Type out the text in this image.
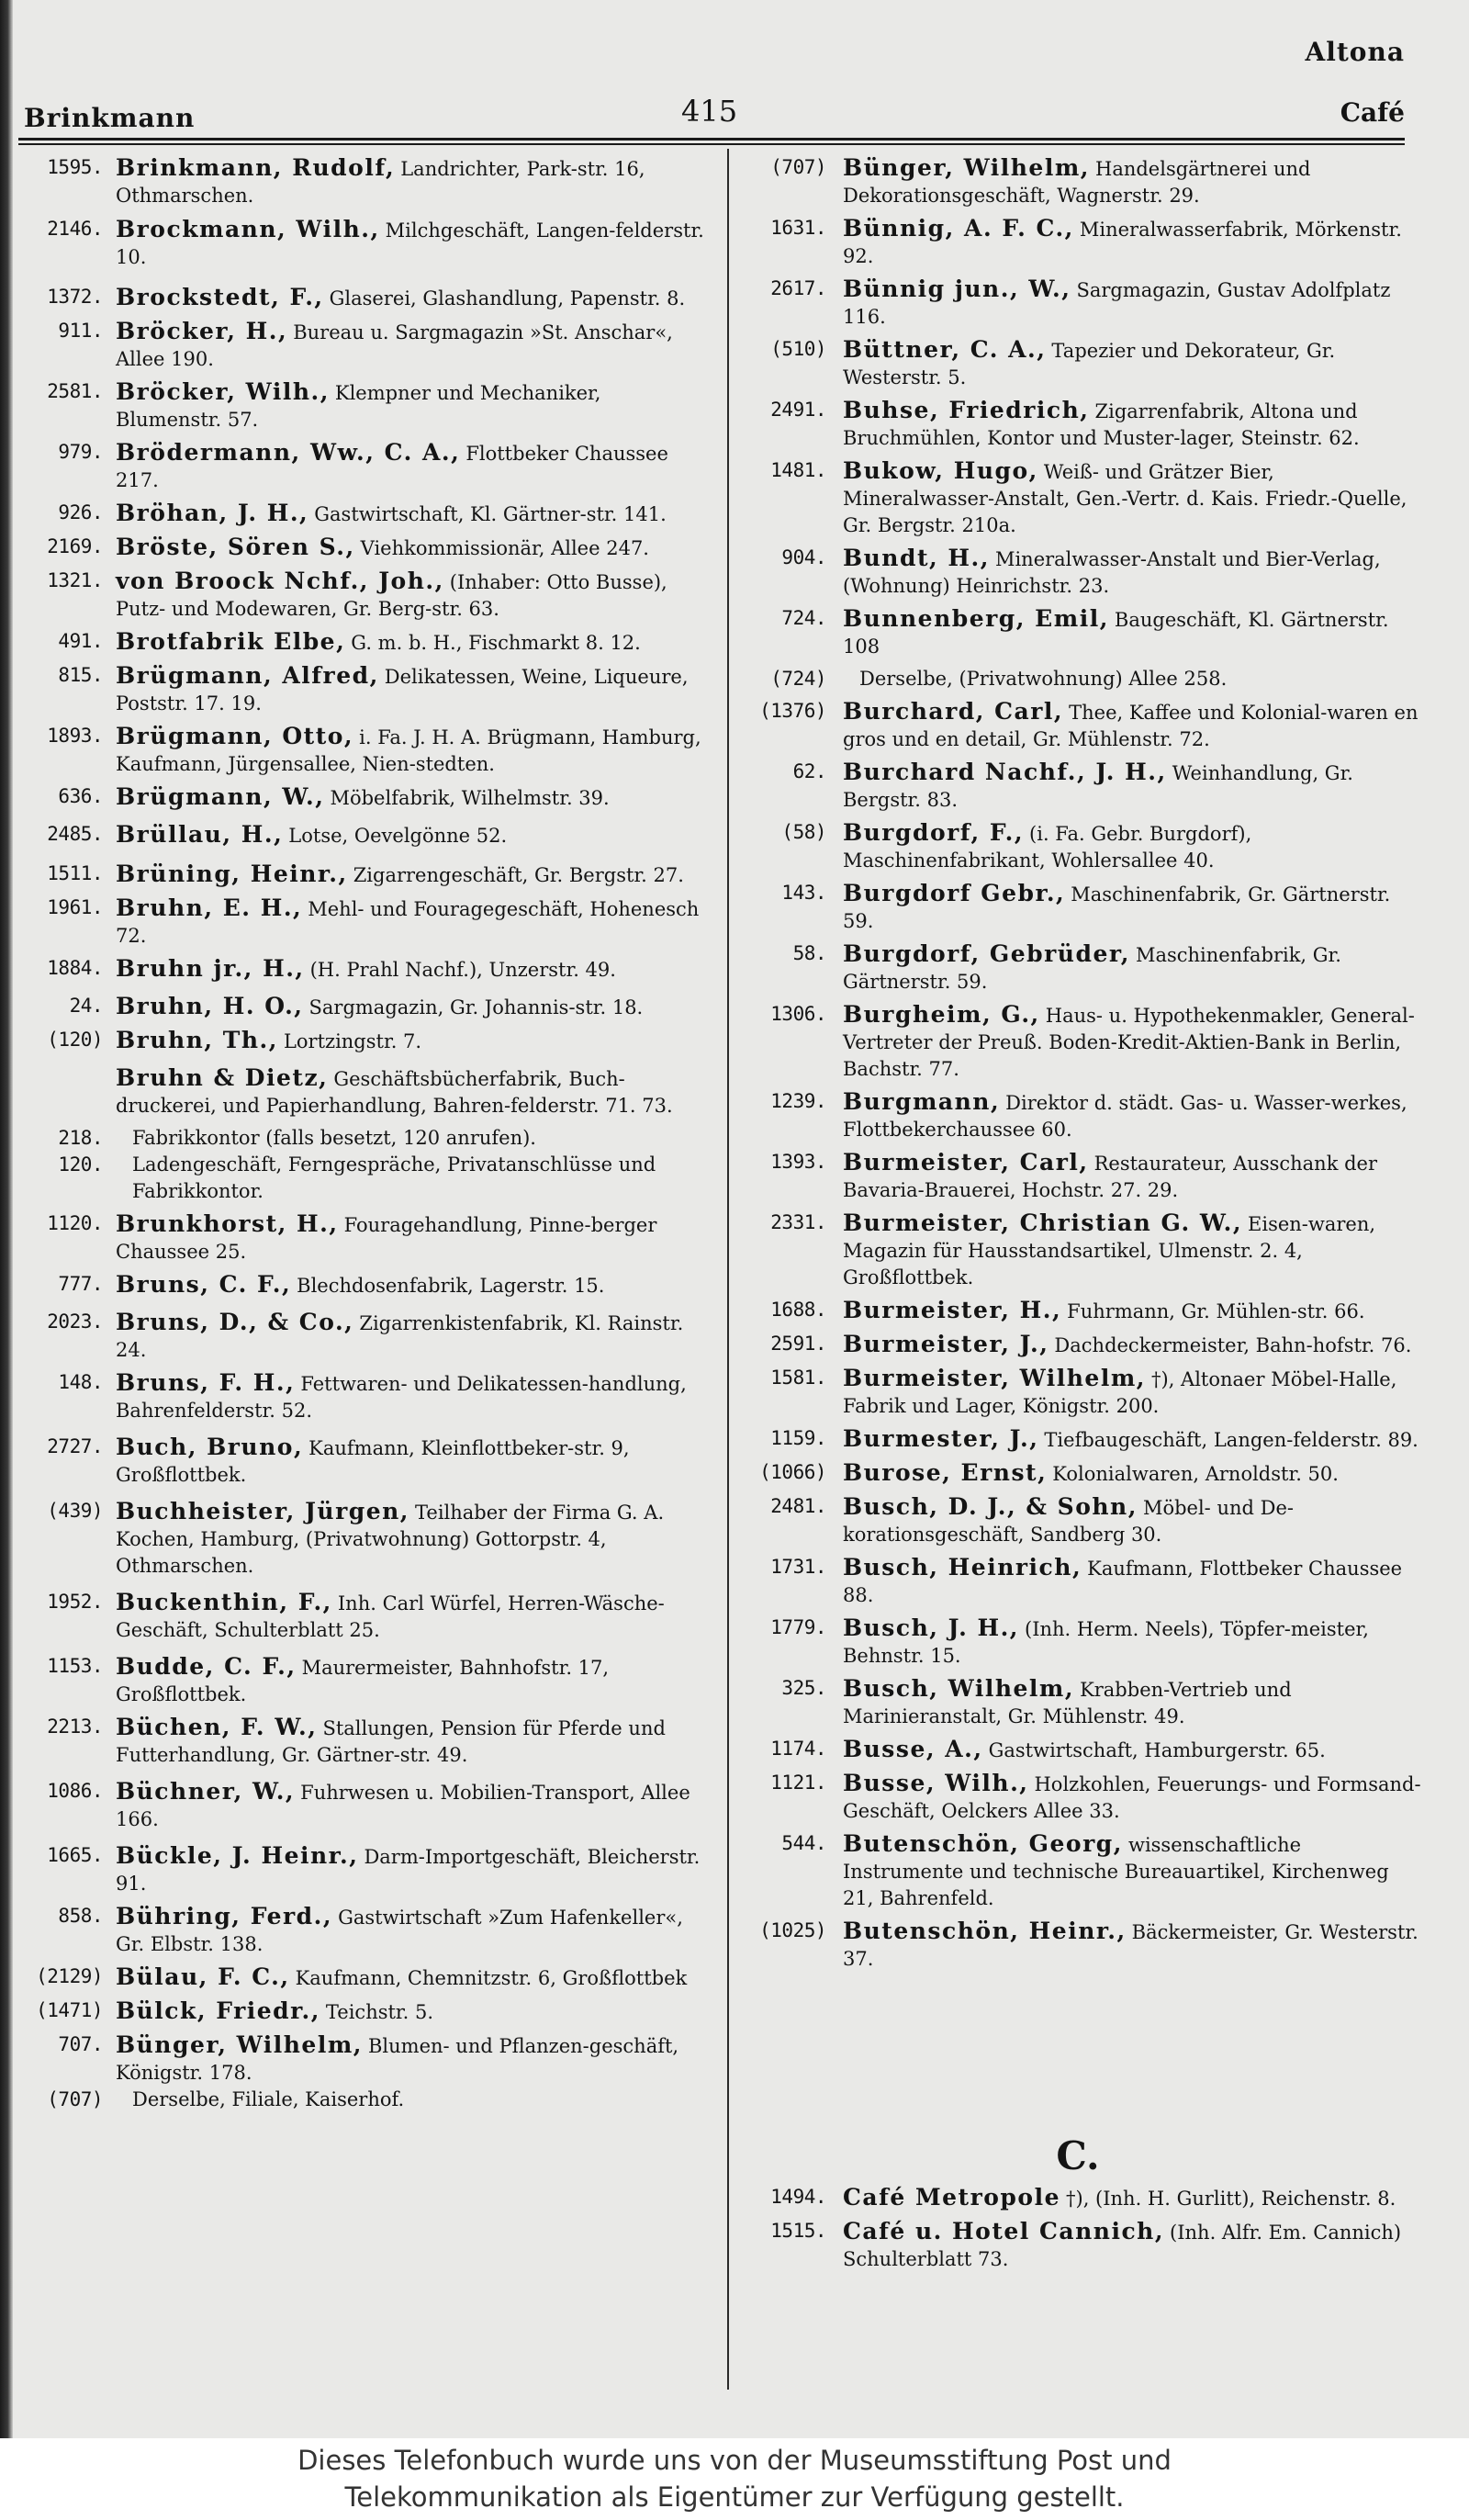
Altona
Brinkmann	415	Café
1595. Brinkmann, Rudolf, Landrichter, Park-str. 16, Othmarschen.
2146. Brockmann, Wilh., Milchgeschäft, Langen-felderstr. 10.
1372. Brockstedt, F., Glaserei, Glashandlung, Papenstr. 8.
911. Bröcker, H., Bureau u. Sargmagazin »St. Anschar«, Allee 190.
2581. Bröcker, Wilh., Klempner und Mechaniker, Blumenstr. 57.
979. Brödermann, Ww., C. A., Flottbeker Chaussee 217.
926. Bröhan, J. H., Gastwirtschaft, Kl. Gärtner-str. 141.
2169. Bröste, Sören S., Viehkommissionär, Allee 247.
1321. von Broock Nchf., Joh., (Inhaber: Otto Busse), Putz- und Modewaren, Gr. Berg-str. 63.
491. Brotfabrik Elbe, G. m. b. H., Fischmarkt 8. 12.
815. Brügmann, Alfred, Delikatessen, Weine, Liqueure, Poststr. 17. 19.
1893. Brügmann, Otto, i. Fa. J. H. A. Brügmann, Hamburg, Kaufmann, Jürgensallee, Nien-stedten.
636. Brügmann, W., Möbelfabrik, Wilhelmstr. 39.
2485. Brüllau, H., Lotse, Oevelgönne 52.
1511. Brüning, Heinr., Zigarrengeschäft, Gr. Bergstr. 27.
1961. Bruhn, E. H., Mehl- und Fouragegeschäft, Hohenesch 72.
1884. Bruhn jr., H., (H. Prahl Nachf.), Unzerstr. 49.
24. Bruhn, H. O., Sargmagazin, Gr. Johannis-str. 18.
(120) Bruhn, Th., Lortzingstr. 7.
Bruhn & Dietz, Geschäftsbücherfabrik, Buch-druckerei, und Papierhandlung, Bahren-felderstr. 71. 73.
218.	Fabrikkontor (falls besetzt, 120 anrufen).
120.	Ladengeschäft, Ferngespräche, Privatanschlüsse und Fabrikkontor.
1120. Brunkhorst, H., Fouragehandlung, Pinne-berger Chaussee 25.
777. Bruns, C. F., Blechdosenfabrik, Lagerstr. 15.
2023. Bruns, D., & Co., Zigarrenkistenfabrik, Kl. Rainstr. 24.
148. Bruns, F. H., Fettwaren- und Delikatessen-handlung, Bahrenfelderstr. 52.
2727. Buch, Bruno, Kaufmann, Kleinflottbeker-str. 9, Großflottbek.
(439) Buchheister, Jürgen, Teilhaber der Firma G. A. Kochen, Hamburg, (Privatwohnung) Gottorpstr. 4, Othmarschen.
1952. Buckenthin, F., Inh. Carl Würfel, Herren-Wäsche-Geschäft, Schulterblatt 25.
1153. Budde, C. F., Maurermeister, Bahnhofstr. 17, Großflottbek.
2213. Büchen, F. W., Stallungen, Pension für Pferde und Futterhandlung, Gr. Gärtner-str. 49.
1086. Büchner, W., Fuhrwesen u. Mobilien-Transport, Allee 166.
1665. Bückle, J. Heinr., Darm-Importgeschäft, Bleicherstr. 91.
858. Bühring, Ferd., Gastwirtschaft »Zum Hafenkeller«, Gr. Elbstr. 138.
(2129) Bülau, F. C., Kaufmann, Chemnitzstr. 6, Großflottbek
(1471) Bülck, Friedr., Teichstr. 5.
707. Bünger, Wilhelm, Blumen- und Pflanzen-geschäft, Königstr. 178.
(707)	Derselbe, Filiale, Kaiserhof.
(707) Bünger, Wilhelm, Handelsgärtnerei und Dekorationsgeschäft, Wagnerstr. 29.
1631. Bünnig, A. F. C., Mineralwasserfabrik, Mörkenstr. 92.
2617. Bünnig jun., W., Sargmagazin, Gustav Adolfplatz 116.
(510) Büttner, C. A., Tapezier und Dekorateur, Gr. Westerstr. 5.
2491. Buhse, Friedrich, Zigarrenfabrik, Altona und Bruchmühlen, Kontor und Muster-lager, Steinstr. 62.
1481. Bukow, Hugo, Weiß- und Grätzer Bier, Mineralwasser-Anstalt, Gen.-Vertr. d. Kais. Friedr.-Quelle, Gr. Bergstr. 210a.
904. Bundt, H., Mineralwasser-Anstalt und Bier-Verlag, (Wohnung) Heinrichstr. 23.
724. Bunnenberg, Emil, Baugeschäft, Kl. Gärtnerstr. 108
(724)	Derselbe, (Privatwohnung) Allee 258.
(1376) Burchard, Carl, Thee, Kaffee und Kolonial-waren en gros und en detail, Gr. Mühlenstr. 72.
62. Burchard Nachf., J. H., Weinhandlung, Gr. Bergstr. 83.
(58) Burgdorf, F., (i. Fa. Gebr. Burgdorf), Maschinenfabrikant, Wohlersallee 40.
143. Burgdorf Gebr., Maschinenfabrik, Gr. Gärtnerstr. 59.
58. Burgdorf, Gebrüder, Maschinenfabrik, Gr. Gärtnerstr. 59.
1306. Burgheim, G., Haus- u. Hypothekenmakler, General-Vertreter der Preuß. Boden-Kredit-Aktien-Bank in Berlin, Bachstr. 77.
1239. Burgmann, Direktor d. städt. Gas- u. Wasser-werkes, Flottbekerchaussee 60.
1393. Burmeister, Carl, Restaurateur, Ausschank der Bavaria-Brauerei, Hochstr. 27. 29.
2331. Burmeister, Christian G. W., Eisen-waren, Magazin für Hausstandsartikel, Ulmenstr. 2. 4, Großflottbek.
1688. Burmeister, H., Fuhrmann, Gr. Mühlen-str. 66.
2591. Burmeister, J., Dachdeckermeister, Bahn-hofstr. 76.
1581. Burmeister, Wilhelm, †), Altonaer Möbel-Halle, Fabrik und Lager, Königstr. 200.
1159. Burmester, J., Tiefbaugeschäft, Langen-felderstr. 89.
(1066) Burose, Ernst, Kolonialwaren, Arnoldstr. 50.
2481. Busch, D. J., & Sohn, Möbel- und De-korationsgeschäft, Sandberg 30.
1731. Busch, Heinrich, Kaufmann, Flottbeker Chaussee 88.
1779. Busch, J. H., (Inh. Herm. Neels), Töpfer-meister, Behnstr. 15.
325. Busch, Wilhelm, Krabben-Vertrieb und Marinieranstalt, Gr. Mühlenstr. 49.
1174. Busse, A., Gastwirtschaft, Hamburgerstr. 65.
1121. Busse, Wilh., Holzkohlen, Feuerungs- und Formsand-Geschäft, Oelckers Allee 33.
544. Butenschön, Georg, wissenschaftliche Instrumente und technische Bureauartikel, Kirchenweg 21, Bahrenfeld.
(1025) Butenschön, Heinr., Bäckermeister, Gr. Westerstr. 37.
C.
1494. Café Metropole †), (Inh. H. Gurlitt), Reichenstr. 8.
1515. Café u. Hotel Cannich, (Inh. Alfr. Em. Cannich) Schulterblatt 73.
Dieses Telefonbuch wurde uns von der Museumsstiftung Post und
Telekommunikation als Eigentümer zur Verfügung gestellt.
